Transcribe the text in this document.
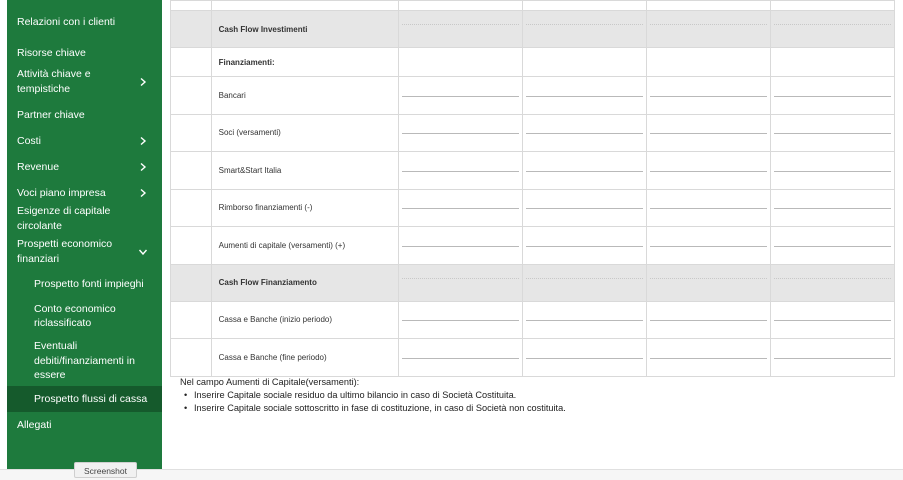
Relazioni con i clienti
Risorse chiave
Attività chiave e tempistiche
Partner chiave
Costi
Revenue
Voci piano impresa
Esigenze di capitale circolante
Prospetti economico finanziari
Prospetto fonti impieghi
Conto economico riclassificato
Eventuali debiti/finanziamenti in essere
Prospetto flussi di cassa
Allegati

	Cash Flow Investimenti	

	Finanziamenti:				
	Bancari	

	Soci (versamenti)	

	Smart&Start Italia	

	Rimborso finanziamenti (-)	

	Aumenti di capitale (versamenti) (+)	

	Cash Flow Finanziamento	

	Cassa e Banche (inizio periodo)	

	Cassa e Banche (fine periodo)	

Nel campo Aumenti di Capitale(versamenti):
• Inserire Capitale sociale residuo da ultimo bilancio in caso di Società Costituita.
• Inserire Capitale sociale sottoscritto in fase di costituzione, in caso di Società non costituita.
Screenshot
